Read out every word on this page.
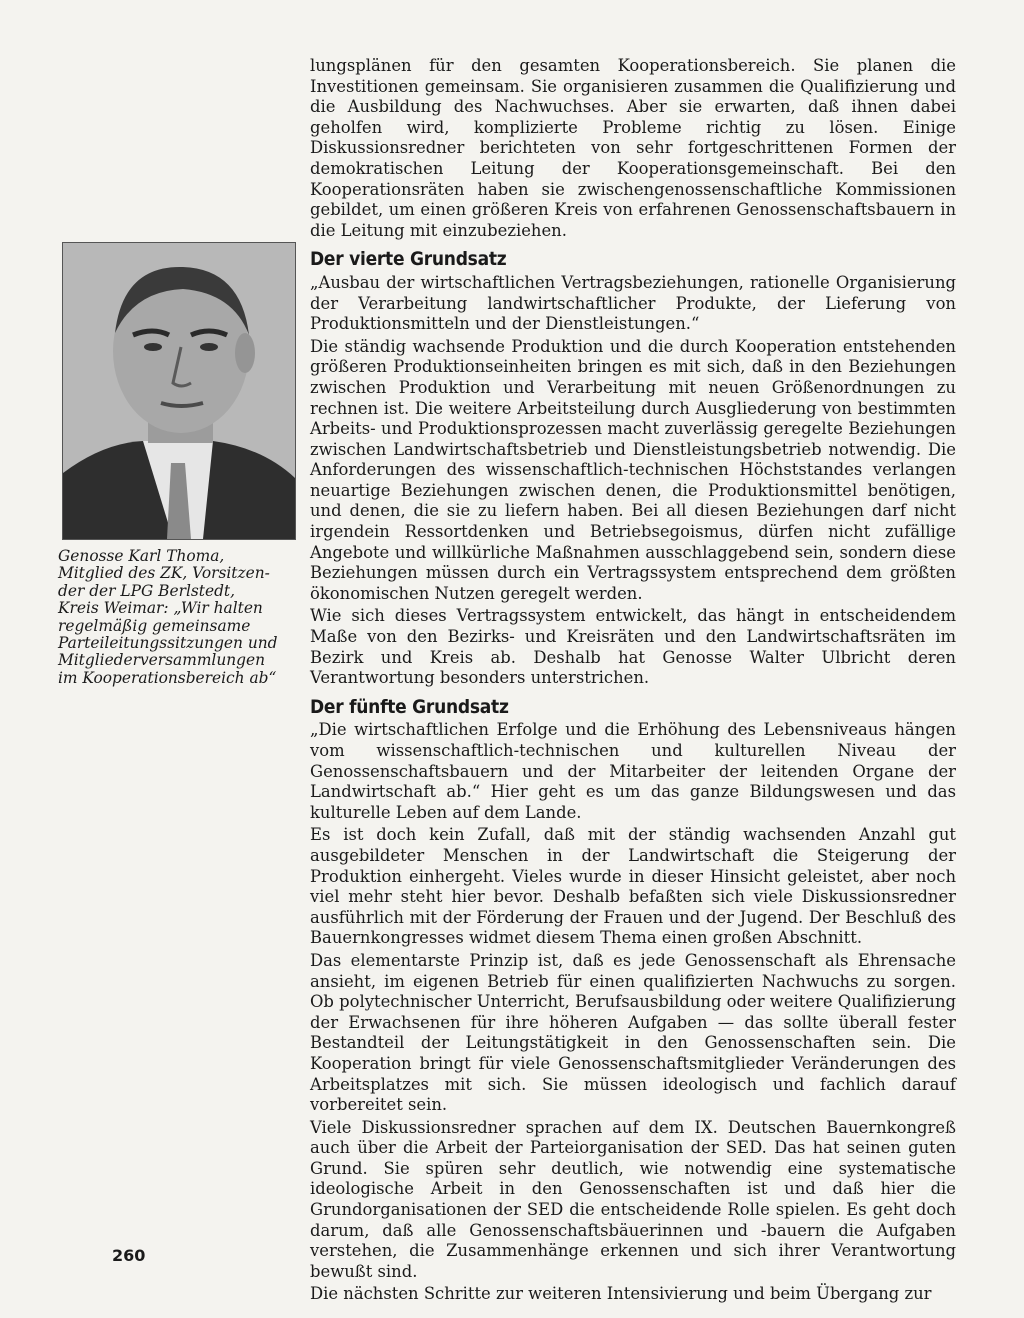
Genosse Karl Thoma,
Mitglied des ZK, Vorsitzen-
der der LPG Berlstedt,
Kreis Weimar: „Wir halten
regelmäßig gemeinsame
Parteileitungssitzungen und
Mitgliederversammlungen
im Kooperationsbereich ab“

lungsplänen für den gesamten Kooperationsbereich. Sie planen die Investitionen gemeinsam. Sie organisieren zusammen die Qualifizierung und die Ausbildung des Nachwuchses. Aber sie erwarten, daß ihnen dabei geholfen wird, komplizierte Probleme richtig zu lösen. Einige Diskussionsredner berichteten von sehr fortgeschrittenen Formen der demokratischen Leitung der Kooperationsgemeinschaft. Bei den Kooperationsräten haben sie zwischengenossenschaftliche Kommissionen gebildet, um einen größeren Kreis von erfahrenen Genossenschaftsbauern in die Leitung mit einzubeziehen.

Der vierte Grundsatz

„Ausbau der wirtschaftlichen Vertragsbeziehungen, rationelle Organisierung der Verarbeitung landwirtschaftlicher Produkte, der Lieferung von Produktionsmitteln und der Dienstleistungen.“

Die ständig wachsende Produktion und die durch Kooperation entstehenden größeren Produktionseinheiten bringen es mit sich, daß in den Beziehungen zwischen Produktion und Verarbeitung mit neuen Größenordnungen zu rechnen ist. Die weitere Arbeitsteilung durch Ausgliederung von bestimmten Arbeits- und Produktionsprozessen macht zuverlässig geregelte Beziehungen zwischen Landwirtschaftsbetrieb und Dienstleistungsbetrieb notwendig. Die Anforderungen des wissenschaftlich-technischen Höchststandes verlangen neuartige Beziehungen zwischen denen, die Produktionsmittel benötigen, und denen, die sie zu liefern haben. Bei all diesen Beziehungen darf nicht irgendein Ressortdenken und Betriebsegoismus, dürfen nicht zufällige Angebote und willkürliche Maßnahmen ausschlaggebend sein, sondern diese Beziehungen müssen durch ein Vertragssystem entsprechend dem größten ökonomischen Nutzen geregelt werden.

Wie sich dieses Vertragssystem entwickelt, das hängt in entscheidendem Maße von den Bezirks- und Kreisräten und den Landwirtschaftsräten im Bezirk und Kreis ab. Deshalb hat Genosse Walter Ulbricht deren Verantwortung besonders unterstrichen.

Der fünfte Grundsatz

„Die wirtschaftlichen Erfolge und die Erhöhung des Lebensniveaus hängen vom wissenschaftlich-technischen und kulturellen Niveau der Genossenschaftsbauern und der Mitarbeiter der leitenden Organe der Landwirtschaft ab.“ Hier geht es um das ganze Bildungswesen und das kulturelle Leben auf dem Lande.

Es ist doch kein Zufall, daß mit der ständig wachsenden Anzahl gut ausgebildeter Menschen in der Landwirtschaft die Steigerung der Produktion einhergeht. Vieles wurde in dieser Hinsicht geleistet, aber noch viel mehr steht hier bevor. Deshalb befaßten sich viele Diskussionsredner ausführlich mit der Förderung der Frauen und der Jugend. Der Beschluß des Bauernkongresses widmet diesem Thema einen großen Abschnitt.

Das elementarste Prinzip ist, daß es jede Genossenschaft als Ehrensache ansieht, im eigenen Betrieb für einen qualifizierten Nachwuchs zu sorgen. Ob polytechnischer Unterricht, Berufsausbildung oder weitere Qualifizierung der Erwachsenen für ihre höheren Aufgaben — das sollte überall fester Bestandteil der Leitungstätigkeit in den Genossenschaften sein. Die Kooperation bringt für viele Genossenschaftsmitglieder Veränderungen des Arbeitsplatzes mit sich. Sie müssen ideologisch und fachlich darauf vorbereitet sein.

Viele Diskussionsredner sprachen auf dem IX. Deutschen Bauernkongreß auch über die Arbeit der Parteiorganisation der SED. Das hat seinen guten Grund. Sie spüren sehr deutlich, wie notwendig eine systematische ideologische Arbeit in den Genossenschaften ist und daß hier die Grundorganisationen der SED die entscheidende Rolle spielen. Es geht doch darum, daß alle Genossenschaftsbäuerinnen und -bauern die Aufgaben verstehen, die Zusammenhänge erkennen und sich ihrer Verantwortung bewußt sind.

Die nächsten Schritte zur weiteren Intensivierung und beim Übergang zur

260
